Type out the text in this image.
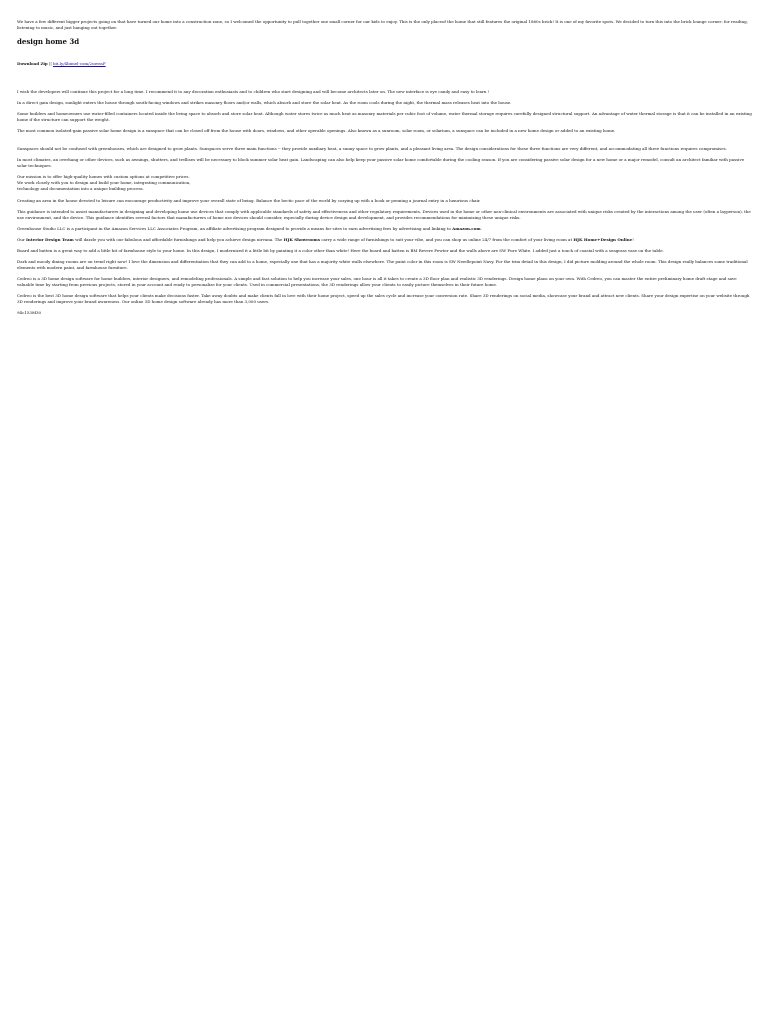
We have a few different bigger projects going on that have turned our home into a construction zone, so I welcomed the opportunity to pull together one small corner for our kids to enjoy. This is the only placeof the home that still features the original 1860s brick! It is one of my favorite spots. We decided to turn this into the brick lounge corner: for reading, listening to music, and just hanging out together.

design home 3d
Download Zip || bit.ly/4bimel-com/2uweaF

I wish the developers will continue this project for a long time. I recommend it to any decoration enthusiasts and to children who start designing and will become architects later on. The new interface is eye candy and easy to learn !

In a direct gain design, sunlight enters the house through south-facing windows and strikes masonry floors and/or walls, which absorb and store the solar heat. As the room cools during the night, the thermal mass releases heat into the house.

Some builders and homeowners use water-filled containers located inside the living space to absorb and store solar heat. Although water stores twice as much heat as masonry materials per cubic foot of volume, water thermal storage requires carefully designed structural support. An advantage of water thermal storage is that it can be installed in an existing home if the structure can support the weight.

The most common isolated-gain passive solar home design is a sunspace that can be closed off from the house with doors, windows, and other operable openings. Also known as a sunroom, solar room, or solarium, a sunspace can be included in a new home design or added to an existing home.

Sunspaces should not be confused with greenhouses, which are designed to grow plants. Sunspaces serve three main functions -- they provide auxiliary heat, a sunny space to grow plants, and a pleasant living area. The design considerations for these three functions are very different, and accommodating all three functions requires compromises.

In most climates, an overhang or other devices, such as awnings, shutters, and trellises will be necessary to block summer solar heat gain. Landscaping can also help keep your passive solar home comfortable during the cooling season. If you are considering passive solar design for a new home or a major remodel, consult an architect familiar with passive solar techniques.

Our mission is to offer high-quality homes with custom options at competitive prices.
We work closely with you to design and build your home, integrating communication,
technology and documentation into a unique building process.

Creating an area in the house devoted to leisure can encourage productivity and improve your overall state of being. Balance the hectic pace of the world by cozying up with a book or penning a journal entry in a luxurious chair.

This guidance is intended to assist manufacturers in designing and developing home use devices that comply with applicable standards of safety and effectiveness and other regulatory requirements. Devices used in the home or other non-clinical environments are associated with unique risks created by the interactions among the user (often a layperson), the use environment, and the device. This guidance identifies several factors that manufacturers of home use devices should consider, especially during device design and development, and provides recommendations for minimizing these unique risks.

Greenhouse Studio LLC is a participant in the Amazon Services LLC Associates Program, an affiliate advertising program designed to provide a means for sites to earn advertising fees by advertising and linking to Amazon.com.

Our Interior Design Team will dazzle you with our fabulous and affordable furnishings and help you achieve design nirvana. The HJK Showrooms carry a wide range of furnishings to suit your vibe, and you can shop us online 24/7 from the comfort of your living room at HJK Home+Design Online!

Board and batten is a great way to add a little bit of farmhouse style to your home. In this design, I modernized it a little bit by painting it a color other than white! Here the board and batten is BM Revere Pewter and the walls above are SW Pure White. I added just a touch of coastal with a seagrass vase on the table.

Dark and moody dining rooms are on trend right now! I love the dimension and differentiation that they can add to a home, especially one that has a majority white walls elsewhere. The paint color in this room is SW Needlepoint Navy. For the trim detail in this design, I did picture molding around the whole room. This design really balances some traditional elements with modern paint, and farmhouse furniture.

Cedreo is a 3D home design software for home builders, interior designers, and remodeling professionals. A simple and fast solution to help you increase your sales, one hour is all it takes to create a 3D floor plan and realistic 3D renderings. Design home plans on your own. With Cedreo, you can master the entire preliminary home draft stage and save valuable time by starting from previous projects, stored in your account and ready to personalize for your clients. Used in commercial presentations, the 3D renderings allow your clients to easily picture themselves in their future home.

Cedreo is the best 3D home design software that helps your clients make decisions faster. Take away doubts and make clients fall in love with their home project, speed up the sales cycle and increase your conversion rate. Share 3D renderings on social media, showcase your brand and attract new clients. Share your design expertise on your website through 3D renderings and improve your brand awareness. Our online 3D home design software already has more than 3,000 users.

94c1538f30
